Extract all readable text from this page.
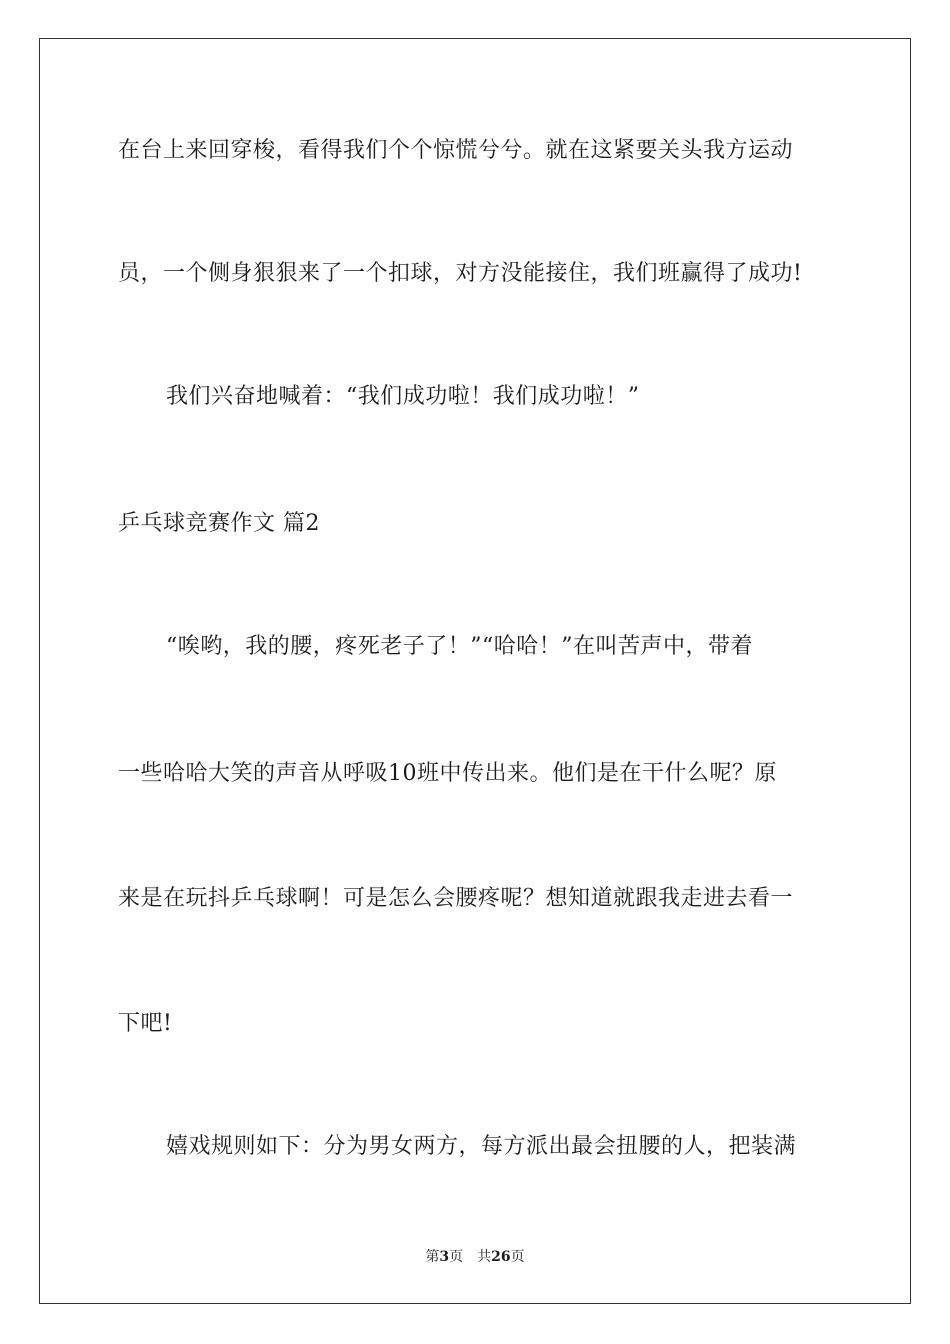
在台上来回穿梭，看得我们个个惊慌兮兮。就在这紧要关头我方运动
员，一个侧身狠狠来了一个扣球，对方没能接住，我们班赢得了成功!
我们兴奋地喊着：“我们成功啦！我们成功啦！”
乒乓球竞赛作文 篇2
“唉哟，我的腰，疼死老子了！”“哈哈！”在叫苦声中，带着
一些哈哈大笑的声音从呼吸10班中传出来。他们是在干什么呢？原
来是在玩抖乒乓球啊！可是怎么会腰疼呢？想知道就跟我走进去看一
下吧!
嬉戏规则如下：分为男女两方，每方派出最会扭腰的人，把装满
第3页 共26页
